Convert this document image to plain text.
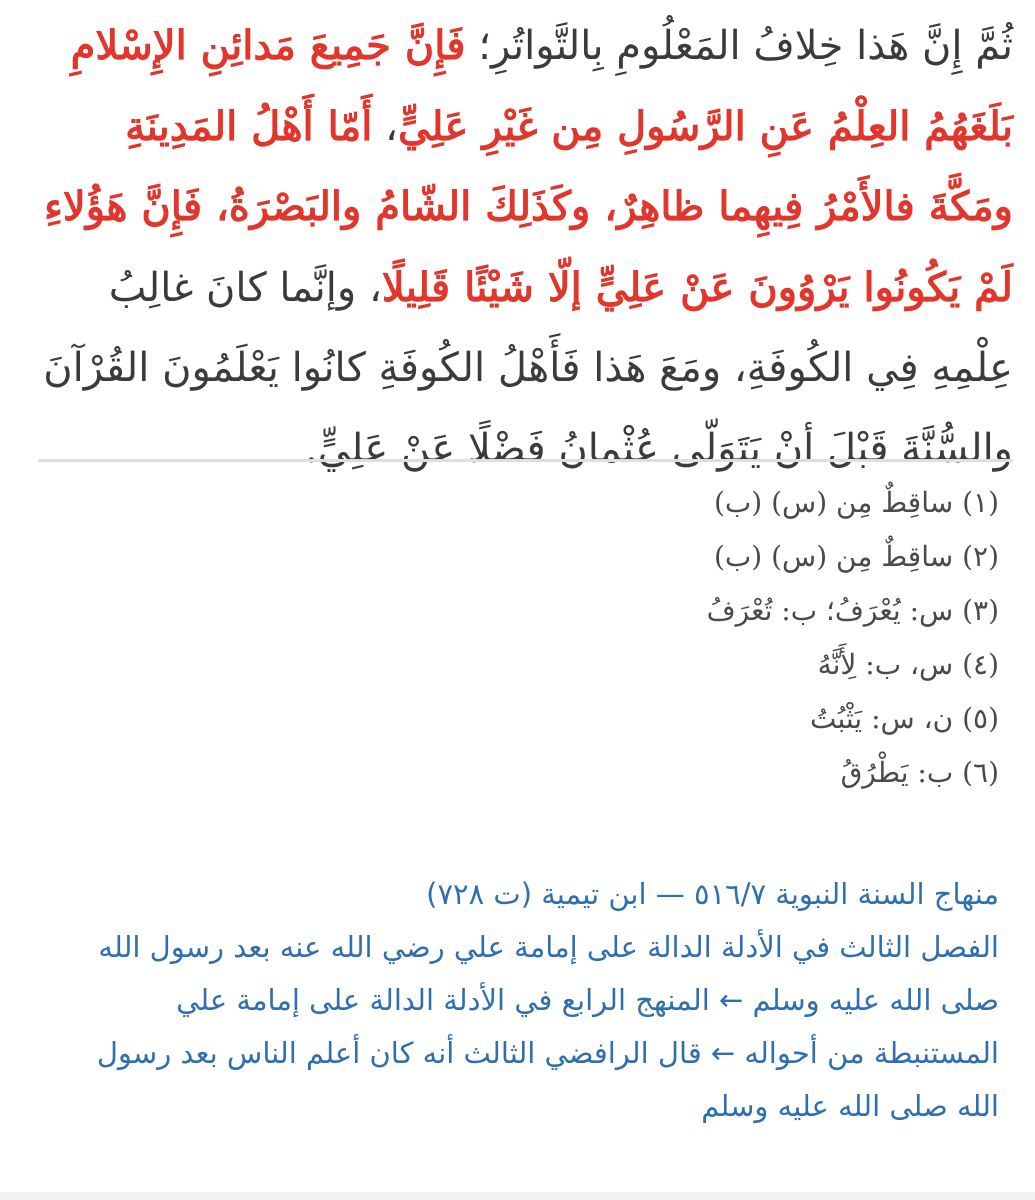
ثُمَّ إِنَّ هَذا خِلافُ المَعْلُومِ بِالتَّواتُرِ؛ فَإِنَّ جَمِيعَ مَدائِنِ الإِسْلامِ بَلَغَهُمُ العِلْمُ عَنِ الرَّسُولِ مِن غَيْرِ عَلِيٍّ، أَمّا أَهْلُ المَدِينَةِ ومَكَّةَ فالأَمْرُ فِيهِما ظاهِرٌ، وكَذَلِكَ الشّامُ والبَصْرَةُ، فَإِنَّ هَؤُلاءِ لَمْ يَكُونُوا يَرْوُونَ عَنْ عَلِيٍّ إلّا شَيْئًا قَلِيلًا، وإنَّما كانَ غالِبُ عِلْمِهِ فِي الكُوفَةِ، ومَعَ هَذا فَأَهْلُ الكُوفَةِ كانُوا يَعْلَمُونَ القُرْآنَ والسُّنَّةَ قَبْلَ أنْ يَتَوَلّى عُثْمانُ فَضْلًا عَنْ عَلِيٍّ.

(١) ساقِطٌ مِن (س) (ب)
(٢) ساقِطٌ مِن (س) (ب)
(٣) س: يُعْرَفُ؛ ب: تُعْرَفُ
(٤) س، ب: لِأَنَّهُ
(٥) ن، س: يَثْبُتُ
(٦) ب: يَطْرُقُ
منهاج السنة النبوية ٥١٦/٧ — ابن تيمية (ت ٧٢٨)
الفصل الثالث في الأدلة الدالة على إمامة علي رضي الله عنه بعد رسول الله صلى الله عليه وسلم ← المنهج الرابع في الأدلة الدالة على إمامة علي المستنبطة من أحواله ← قال الرافضي الثالث أنه كان أعلم الناس بعد رسول الله صلى الله عليه وسلم
